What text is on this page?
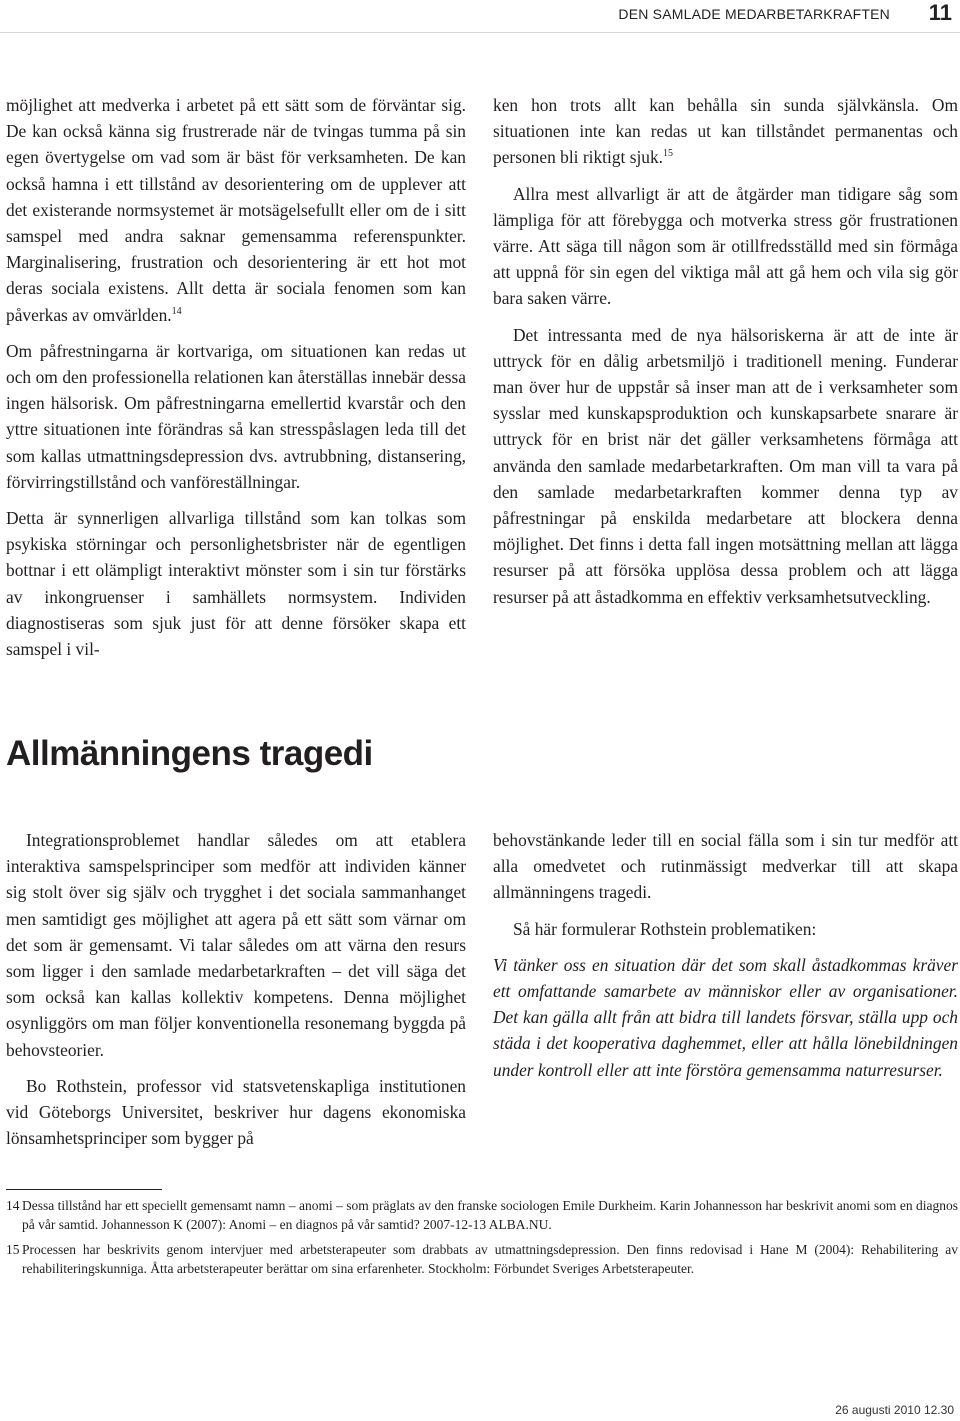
DEN SAMLADE MEDARBETARKRAFTEN 11

möjlighet att medverka i arbetet på ett sätt som de förväntar sig. De kan också känna sig frustrerade när de tvingas tumma på sin egen övertygelse om vad som är bäst för verksamheten. De kan också hamna i ett tillstånd av desorientering om de upplever att det existerande normsystemet är motsägelsefullt eller om de i sitt samspel med andra saknar gemensamma referenspunkter. Marginalisering, frustration och desorientering är ett hot mot deras sociala existens. Allt detta är sociala fenomen som kan påverkas av omvärlden.$^{14}$

Om påfrestningarna är kortvariga, om situationen kan redas ut och om den professionella relationen kan återställas innebär dessa ingen hälsorisk. Om påfrestningarna emellertid kvarstår och den yttre situationen inte förändras så kan stresspåslagen leda till det som kallas utmattningsdepression dvs. avtrubbning, distansering, förvirringstillstånd och vanföreställningar.

Detta är synnerligen allvarliga tillstånd som kan tolkas som psykiska störningar och personlighetsbrister när de egentligen bottnar i ett olämpligt interaktivt mönster som i sin tur förstärks av inkongruenser i samhällets normsystem. Individen diagnostiseras som sjuk just för att denne försöker skapa ett samspel i vil-

ken hon trots allt kan behålla sin sunda självkänsla. Om situationen inte kan redas ut kan tillståndet permanentas och personen bli riktigt sjuk.$^{15}$

Allra mest allvarligt är att de åtgärder man tidigare såg som lämpliga för att förebygga och motverka stress gör frustrationen värre. Att säga till någon som är otillfredsställd med sin förmåga att uppnå för sin egen del viktiga mål att gå hem och vila sig gör bara saken värre.

Det intressanta med de nya hälsoriskerna är att de inte är uttryck för en dålig arbetsmiljö i traditionell mening. Funderar man över hur de uppstår så inser man att de i verksamheter som sysslar med kunskapsproduktion och kunskapsarbete snarare är uttryck för en brist när det gäller verksamhetens förmåga att använda den samlade medarbetarkraften. Om man vill ta vara på den samlade medarbetarkraften kommer denna typ av påfrestningar på enskilda medarbetare att blockera denna möjlighet. Det finns i detta fall ingen motsättning mellan att lägga resurser på att försöka upplösa dessa problem och att lägga resurser på att åstadkomma en effektiv verksamhetsutveckling.

Allmänningens tragedi

Integrationsproblemet handlar således om att etablera interaktiva samspelsprinciper som medför att individen känner sig stolt över sig själv och trygghet i det sociala sammanhanget men samtidigt ges möjlighet att agera på ett sätt som värnar om det som är gemensamt. Vi talar således om att värna den resurs som ligger i den samlade medarbetarkraften – det vill säga det som också kan kallas kollektiv kompetens. Denna möjlighet osynliggörs om man följer konventionella resonemang byggda på behovsteorier.

Bo Rothstein, professor vid statsvetenskapliga institutionen vid Göteborgs Universitet, beskriver hur dagens ekonomiska lönsamhetsprinciper som bygger på

behovstänkande leder till en social fälla som i sin tur medför att alla omedvetet och rutinmässigt medverkar till att skapa allmänningens tragedi.

Så här formulerar Rothstein problematiken:

Vi tänker oss en situation där det som skall åstadkommas kräver ett omfattande samarbete av människor eller av organisationer. Det kan gälla allt från att bidra till landets försvar, ställa upp och städa i det kooperativa daghemmet, eller att hålla lönebildningen under kontroll eller att inte förstöra gemensamma naturresurser.

14 Dessa tillstånd har ett speciellt gemensamt namn – anomi – som präglats av den franske sociologen Emile Durkheim. Karin Johannesson har beskrivit anomi som en diagnos på vår samtid. Johannesson K (2007): Anomi – en diagnos på vår samtid? 2007-12-13 ALBA.NU.
15 Processen har beskrivits genom intervjuer med arbetsterapeuter som drabbats av utmattningsdepression. Den finns redovisad i Hane M (2004): Rehabilitering av rehabiliteringskunniga. Åtta arbetsterapeuter berättar om sina erfarenheter. Stockholm: Förbundet Sveriges Arbetsterapeuter.
26 augusti 2010 12.30
